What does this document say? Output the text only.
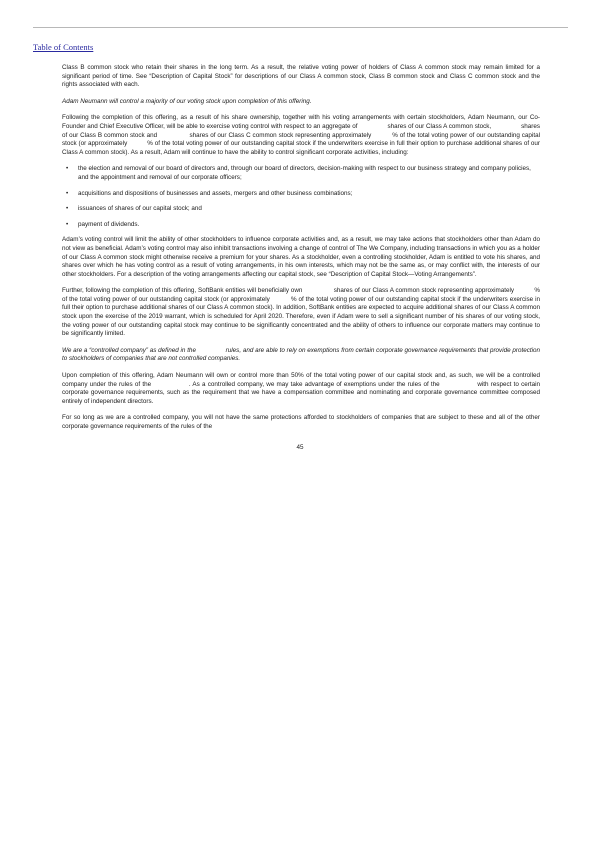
Table of Contents

Class B common stock who retain their shares in the long term. As a result, the relative voting power of holders of Class A common stock may remain limited for a significant period of time. See “Description of Capital Stock” for descriptions of our Class A common stock, Class B common stock and Class C common stock and the rights associated with each.

Adam Neumann will control a majority of our voting stock upon completion of this offering.

Following the completion of this offering, as a result of his share ownership, together with his voting arrangements with certain stockholders, Adam Neumann, our Co-Founder and Chief Executive Officer, will be able to exercise voting control with respect to an aggregate of                 shares of our Class A common stock,                 shares of our Class B common stock and                 shares of our Class C common stock representing approximately           % of the total voting power of our outstanding capital stock (or approximately           % of the total voting power of our outstanding capital stock if the underwriters exercise in full their option to purchase additional shares of our Class A common stock). As a result, Adam will continue to have the ability to control significant corporate activities, including:

• the election and removal of our board of directors and, through our board of directors, decision-making with respect to our business strategy and company policies, and the appointment and removal of our corporate officers;
• acquisitions and dispositions of businesses and assets, mergers and other business combinations;
• issuances of shares of our capital stock; and
• payment of dividends.

Adam’s voting control will limit the ability of other stockholders to influence corporate activities and, as a result, we may take actions that stockholders other than Adam do not view as beneficial. Adam’s voting control may also inhibit transactions involving a change of control of The We Company, including transactions in which you as a holder of our Class A common stock might otherwise receive a premium for your shares. As a stockholder, even a controlling stockholder, Adam is entitled to vote his shares, and shares over which he has voting control as a result of voting arrangements, in his own interests, which may not be the same as, or may conflict with, the interests of our other stockholders. For a description of the voting arrangements affecting our capital stock, see “Description of Capital Stock—Voting Arrangements”.

Further, following the completion of this offering, SoftBank entities will beneficially own                 shares of our Class A common stock representing approximately           % of the total voting power of our outstanding capital stock (or approximately           % of the total voting power of our outstanding capital stock if the underwriters exercise in full their option to purchase additional shares of our Class A common stock). In addition, SoftBank entities are expected to acquire additional shares of our Class A common stock upon the exercise of the 2019 warrant, which is scheduled for April 2020. Therefore, even if Adam were to sell a significant number of his shares of our voting stock, the voting power of our outstanding capital stock may continue to be significantly concentrated and the ability of others to influence our corporate matters may continue to be significantly limited.

We are a “controlled company” as defined in the                 rules, and are able to rely on exemptions from certain corporate governance requirements that provide protection to stockholders of companies that are not controlled companies.

Upon completion of this offering, Adam Neumann will own or control more than 50% of the total voting power of our capital stock and, as such, we will be a controlled company under the rules of the                 . As a controlled company, we may take advantage of exemptions under the rules of the                 with respect to certain corporate governance requirements, such as the requirement that we have a compensation committee and nominating and corporate governance committee composed entirely of independent directors.

For so long as we are a controlled company, you will not have the same protections afforded to stockholders of companies that are subject to these and all of the other corporate governance requirements of the rules of the

45
